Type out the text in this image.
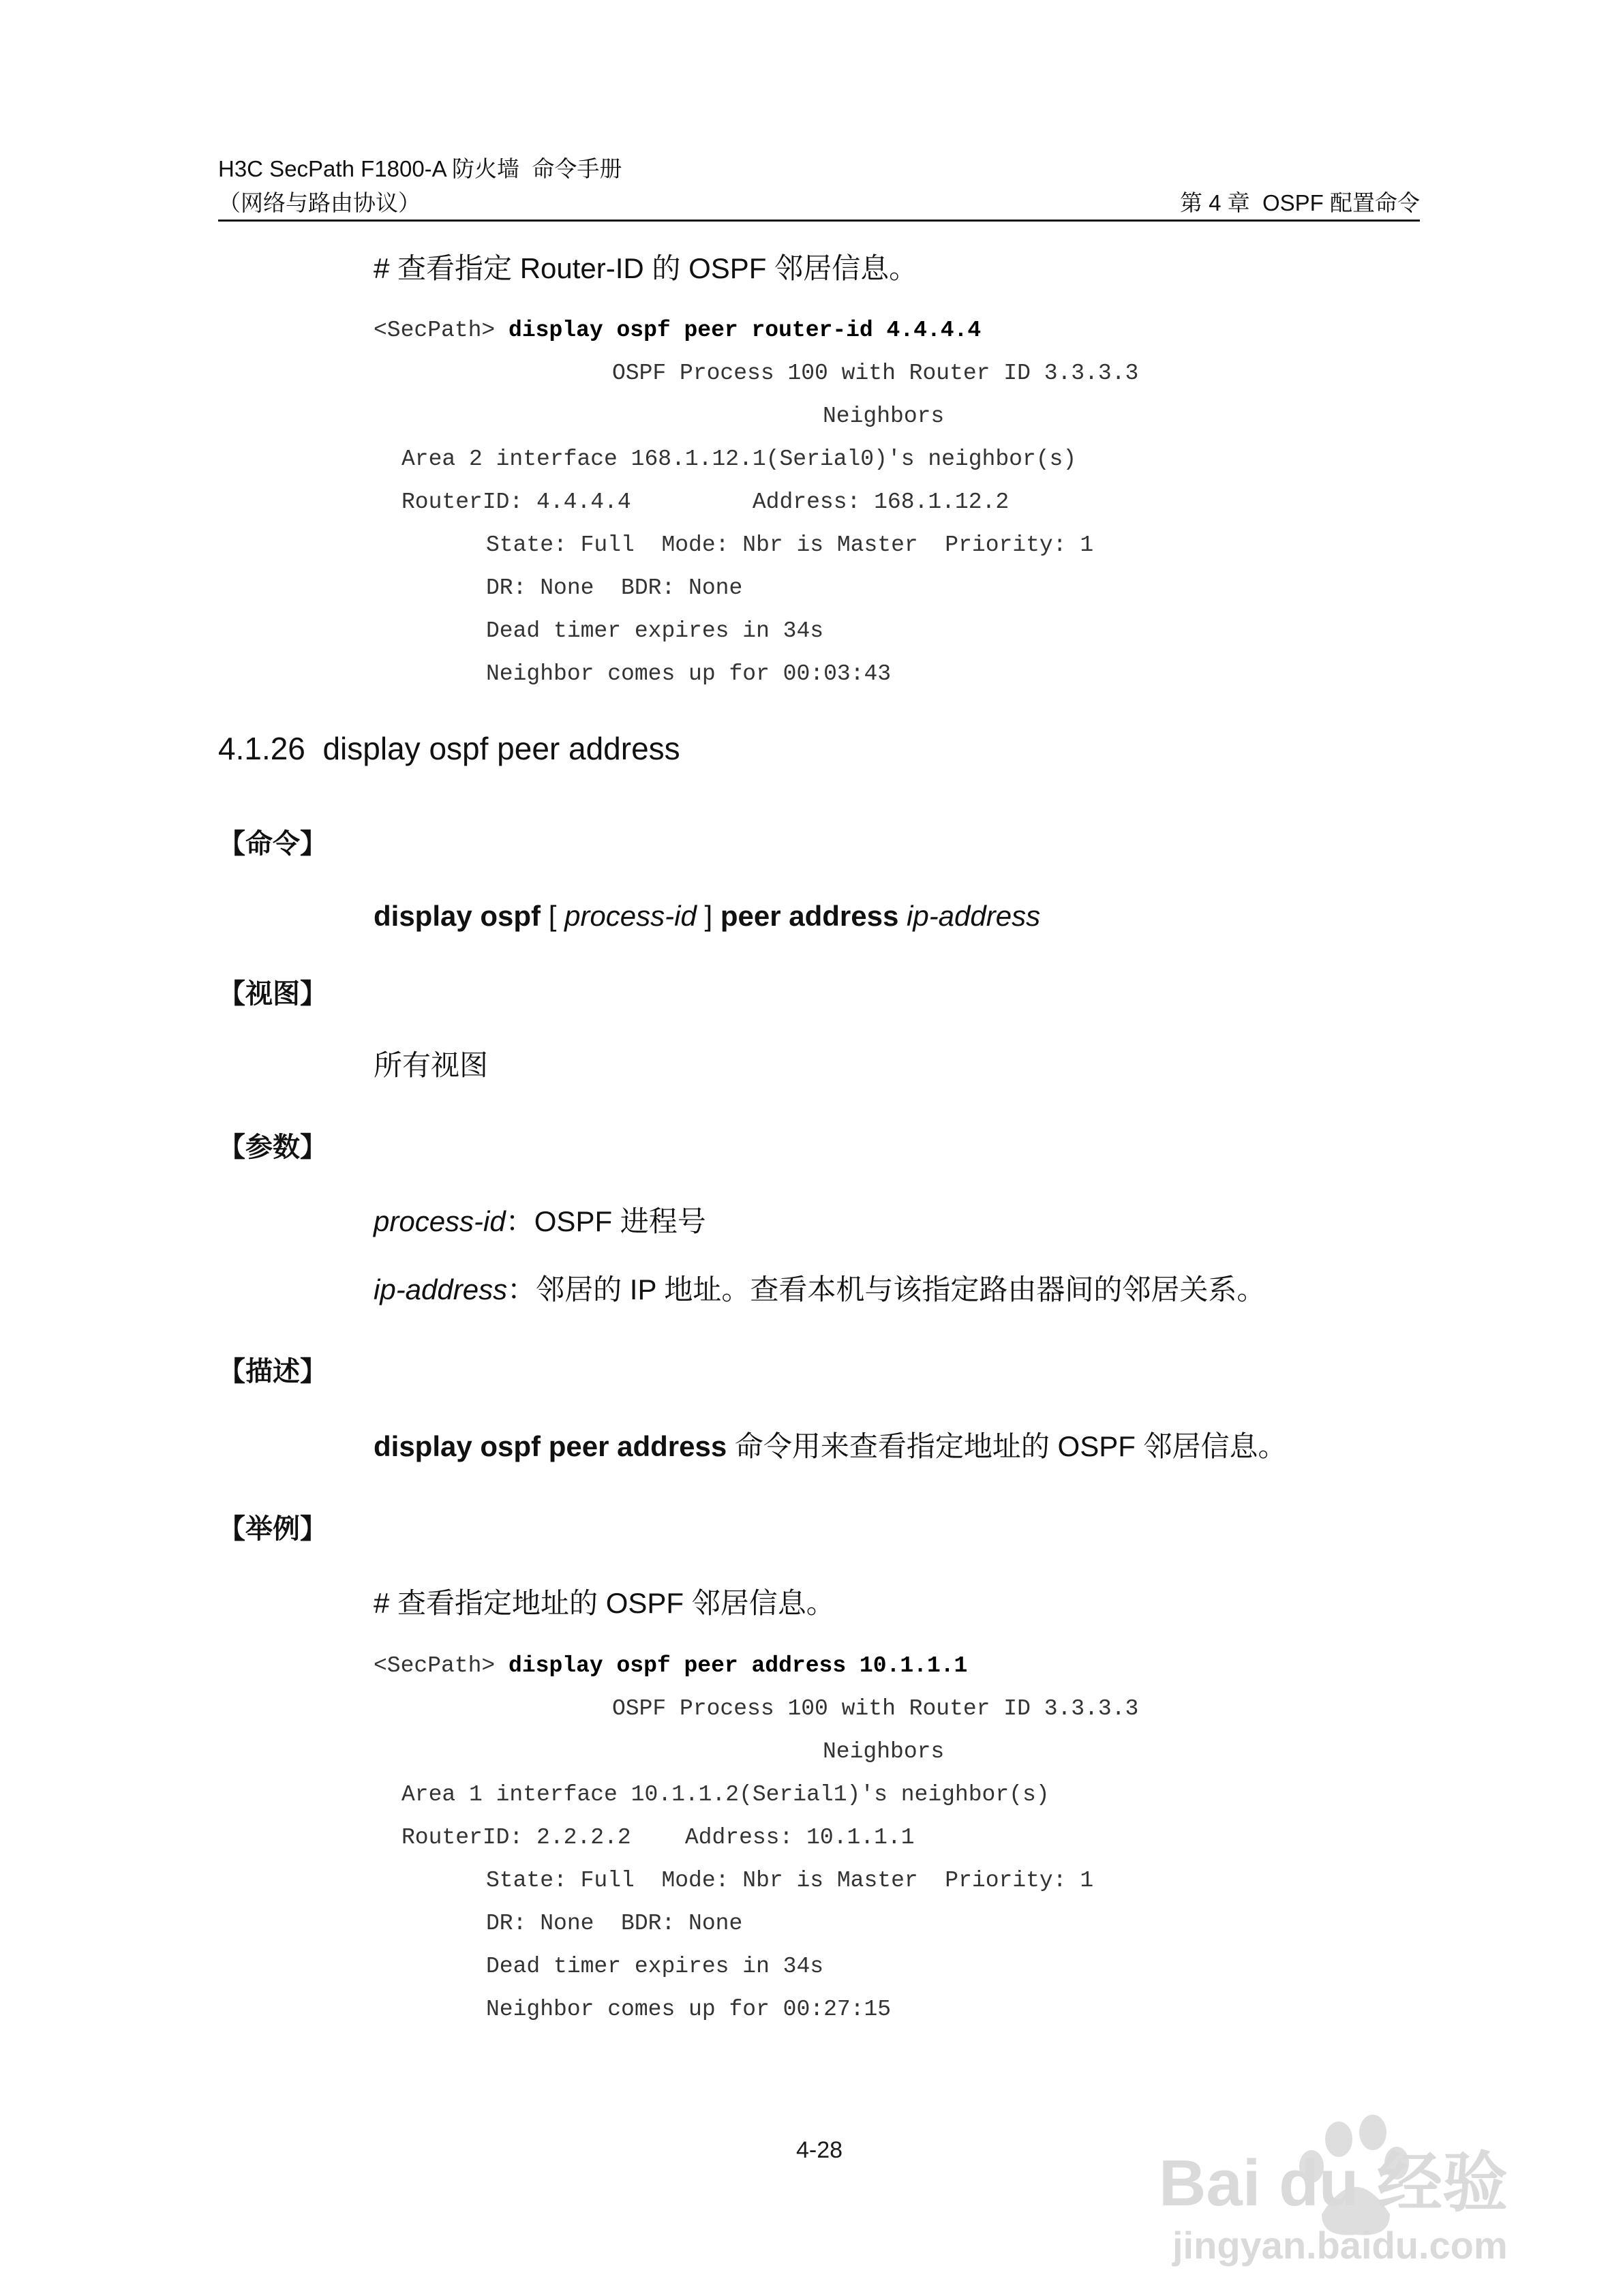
H3C SecPath F1800-A 防火墙  命令手册
（网络与路由协议）	第 4 章  OSPF 配置命令
# 查看指定 Router-ID 的 OSPF 邻居信息。
<SecPath> display ospf peer router-id 4.4.4.4
OSPF Process 100 with Router ID 3.3.3.3
Neighbors
Area 2 interface 168.1.12.1(Serial0)'s neighbor(s)
RouterID: 4.4.4.4         Address: 168.1.12.2
State: Full  Mode: Nbr is Master  Priority: 1
DR: None  BDR: None
Dead timer expires in 34s
Neighbor comes up for 00:03:43
4.1.26 display ospf peer address
【命令】
display ospf [ process-id ] peer address ip-address
【视图】
所有视图
【参数】
process-id：OSPF 进程号
ip-address：邻居的 IP 地址。查看本机与该指定路由器间的邻居关系。
【描述】
display ospf peer address 命令用来查看指定地址的 OSPF 邻居信息。
【举例】
# 查看指定地址的 OSPF 邻居信息。
<SecPath> display ospf peer address 10.1.1.1
OSPF Process 100 with Router ID 3.3.3.3
Neighbors
Area 1 interface 10.1.1.2(Serial1)'s neighbor(s)
RouterID: 2.2.2.2    Address: 10.1.1.1
State: Full  Mode: Nbr is Master  Priority: 1
DR: None  BDR: None
Dead timer expires in 34s
Neighbor comes up for 00:27:15
4-28

	Bai du 经验
jingyan.baidu.com
